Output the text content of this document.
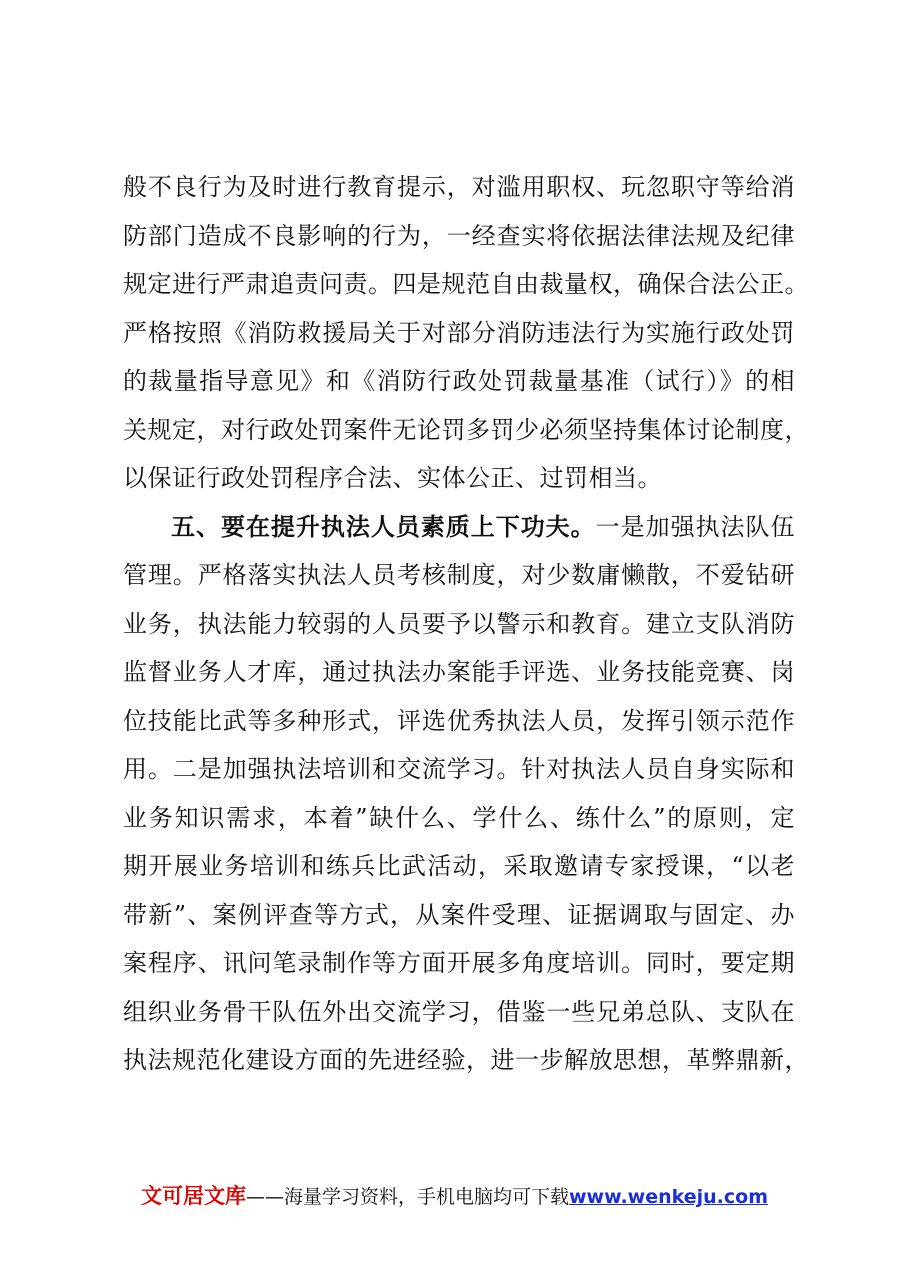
般不良行为及时进行教育提示，对滥用职权、玩忽职守等给消
防部门造成不良影响的行为，一经查实将依据法律法规及纪律
规定进行严肃追责问责。四是规范自由裁量权，确保合法公正。
严格按照《消防救援局关于对部分消防违法行为实施行政处罚
的裁量指导意见》和《消防行政处罚裁量基准（试行）》的相
关规定，对行政处罚案件无论罚多罚少必须坚持集体讨论制度，
以保证行政处罚程序合法、实体公正、过罚相当。
五、要在提升执法人员素质上下功夫。一是加强执法队伍
管理。严格落实执法人员考核制度，对少数庸懒散，不爱钻研
业务，执法能力较弱的人员要予以警示和教育。建立支队消防
监督业务人才库，通过执法办案能手评选、业务技能竞赛、岗
位技能比武等多种形式，评选优秀执法人员，发挥引领示范作
用。二是加强执法培训和交流学习。针对执法人员自身实际和
业务知识需求，本着”缺什么、学什么、练什么”的原则，定
期开展业务培训和练兵比武活动，采取邀请专家授课，“以老
带新”、案例评查等方式，从案件受理、证据调取与固定、办
案程序、讯问笔录制作等方面开展多角度培训。同时，要定期
组织业务骨干队伍外出交流学习，借鉴一些兄弟总队、支队在
执法规范化建设方面的先进经验，进一步解放思想，革弊鼎新，
文可居文库——海量学习资料，手机电脑均可下载www.wenkeju.com
